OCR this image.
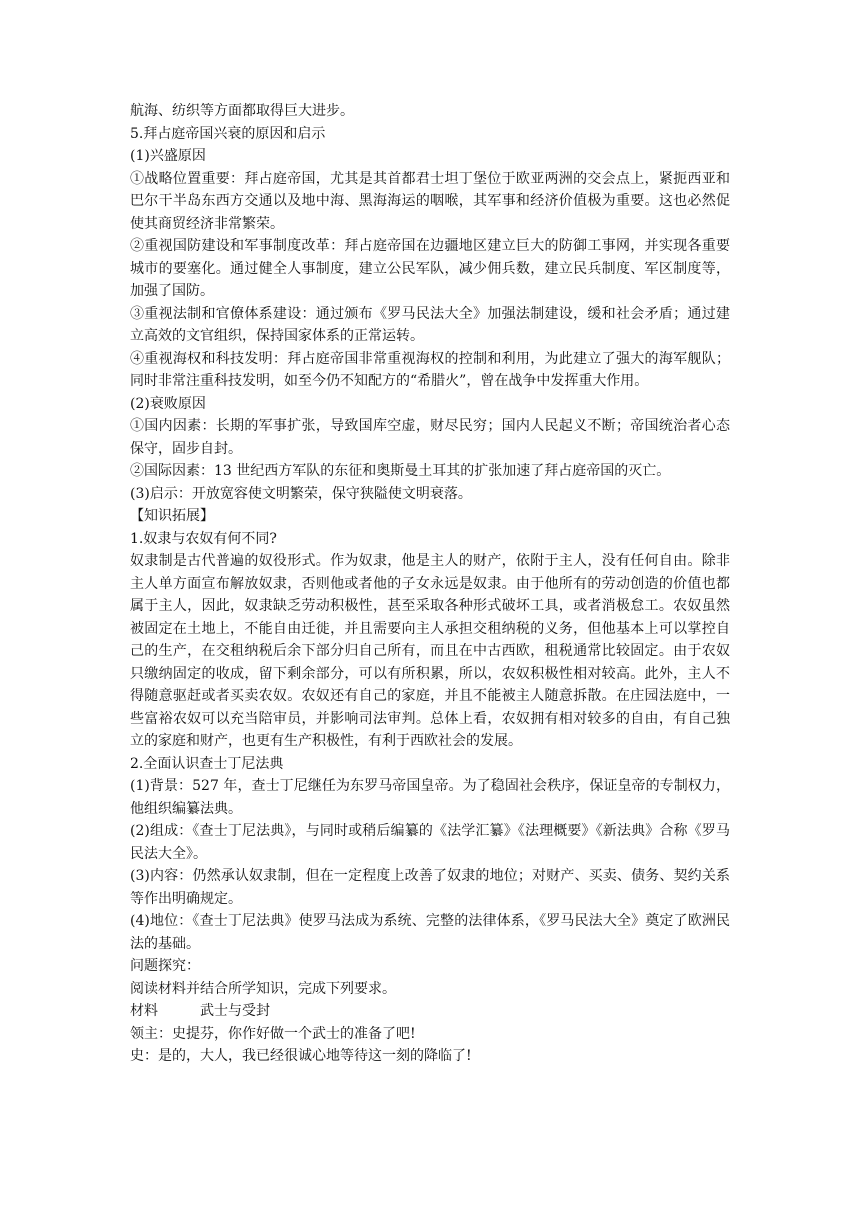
航海、纺织等方面都取得巨大进步。

5.拜占庭帝国兴衰的原因和启示

(1)兴盛原因

①战略位置重要：拜占庭帝国，尤其是其首都君士坦丁堡位于欧亚两洲的交会点上，紧扼西亚和巴尔干半岛东西方交通以及地中海、黑海海运的咽喉，其军事和经济价值极为重要。这也必然促使其商贸经济非常繁荣。

②重视国防建设和军事制度改革：拜占庭帝国在边疆地区建立巨大的防御工事网，并实现各重要城市的要塞化。通过健全人事制度，建立公民军队，减少佣兵数，建立民兵制度、军区制度等，加强了国防。

③重视法制和官僚体系建设：通过颁布《罗马民法大全》加强法制建设，缓和社会矛盾；通过建立高效的文官组织，保持国家体系的正常运转。

④重视海权和科技发明：拜占庭帝国非常重视海权的控制和利用，为此建立了强大的海军舰队；同时非常注重科技发明，如至今仍不知配方的“希腊火”，曾在战争中发挥重大作用。

(2)衰败原因

①国内因素：长期的军事扩张，导致国库空虚，财尽民穷；国内人民起义不断；帝国统治者心态保守，固步自封。

②国际因素：13 世纪西方军队的东征和奥斯曼土耳其的扩张加速了拜占庭帝国的灭亡。

(3)启示：开放宽容使文明繁荣，保守狭隘使文明衰落。

【知识拓展】

1.奴隶与农奴有何不同?

奴隶制是古代普遍的奴役形式。作为奴隶，他是主人的财产，依附于主人，没有任何自由。除非主人单方面宣布解放奴隶，否则他或者他的子女永远是奴隶。由于他所有的劳动创造的价值也都属于主人，因此，奴隶缺乏劳动积极性，甚至采取各种形式破坏工具，或者消极怠工。农奴虽然被固定在土地上，不能自由迁徙，并且需要向主人承担交租纳税的义务，但他基本上可以掌控自己的生产，在交租纳税后余下部分归自己所有，而且在中古西欧，租税通常比较固定。由于农奴只缴纳固定的收成，留下剩余部分，可以有所积累，所以，农奴积极性相对较高。此外，主人不得随意驱赶或者买卖农奴。农奴还有自己的家庭，并且不能被主人随意拆散。在庄园法庭中，一些富裕农奴可以充当陪审员，并影响司法审判。总体上看，农奴拥有相对较多的自由，有自己独立的家庭和财产，也更有生产积极性，有利于西欧社会的发展。

2.全面认识查士丁尼法典

(1)背景：527 年，查士丁尼继任为东罗马帝国皇帝。为了稳固社会秩序，保证皇帝的专制权力，他组织编纂法典。

(2)组成：《查士丁尼法典》，与同时或稍后编纂的《法学汇纂》《法理概要》《新法典》合称《罗马民法大全》。

(3)内容：仍然承认奴隶制，但在一定程度上改善了奴隶的地位；对财产、买卖、债务、契约关系等作出明确规定。

(4)地位：《查士丁尼法典》使罗马法成为系统、完整的法律体系，《罗马民法大全》奠定了欧洲民法的基础。

问题探究：

阅读材料并结合所学知识，完成下列要求。

材料	武士与受封

领主：史提芬，你作好做一个武士的准备了吧!

史：是的，大人，我已经很诚心地等待这一刻的降临了!
